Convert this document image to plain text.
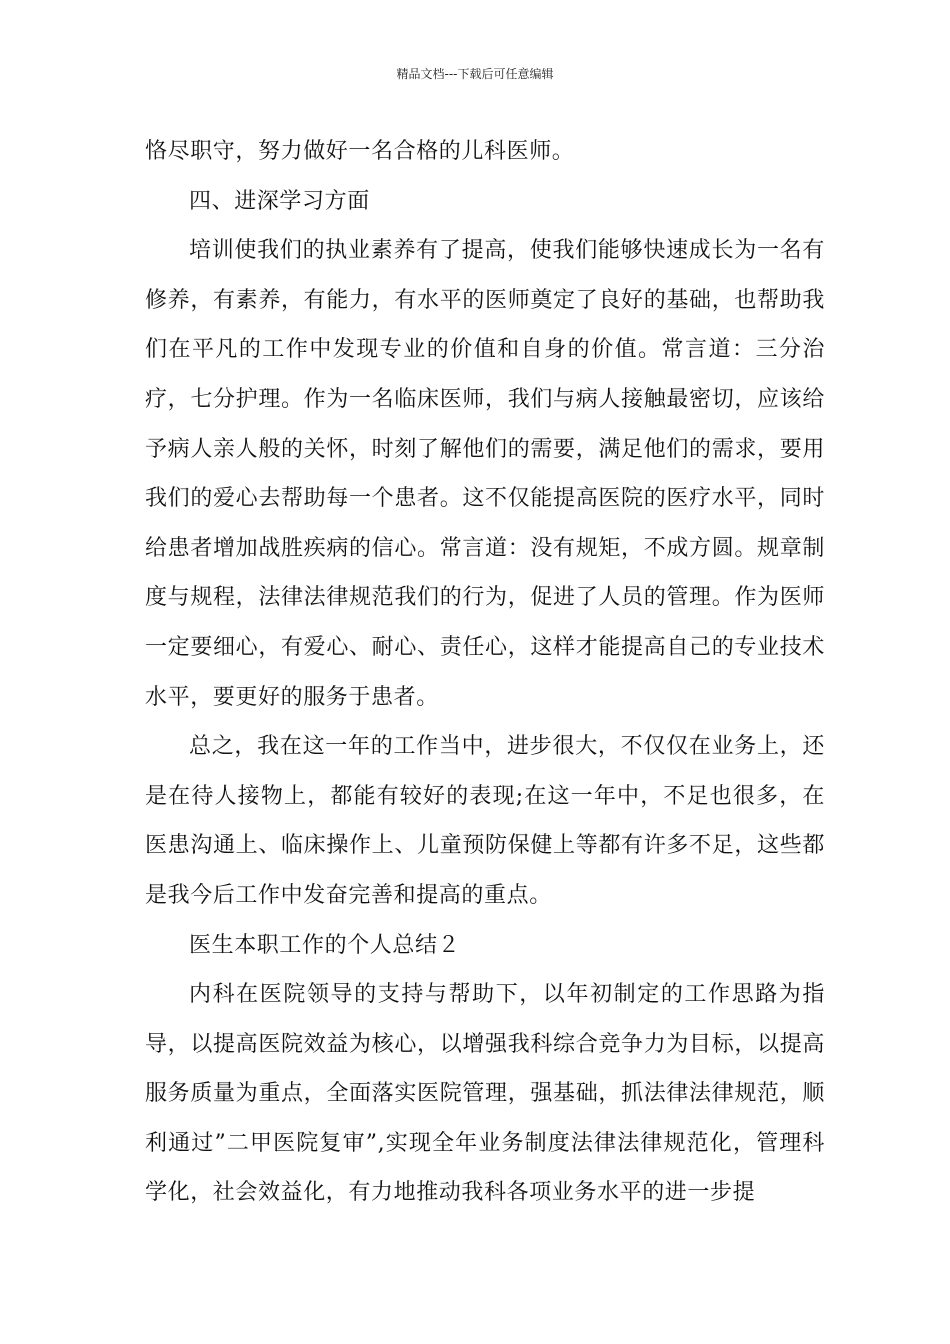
精品文档---下载后可任意编辑

恪尽职守，努力做好一名合格的儿科医师。

四、进深学习方面

培训使我们的执业素养有了提高，使我们能够快速成长为一名有修养，有素养，有能力，有水平的医师奠定了良好的基础，也帮助我们在平凡的工作中发现专业的价值和自身的价值。常言道：三分治疗，七分护理。作为一名临床医师，我们与病人接触最密切，应该给予病人亲人般的关怀，时刻了解他们的需要，满足他们的需求，要用我们的爱心去帮助每一个患者。这不仅能提高医院的医疗水平，同时给患者增加战胜疾病的信心。常言道：没有规矩，不成方圆。规章制度与规程，法律法律规范我们的行为，促进了人员的管理。作为医师一定要细心，有爱心、耐心、责任心，这样才能提高自己的专业技术水平，要更好的服务于患者。

总之，我在这一年的工作当中，进步很大，不仅仅在业务上，还是在待人接物上，都能有较好的表现;在这一年中，不足也很多，在医患沟通上、临床操作上、儿童预防保健上等都有许多不足，这些都是我今后工作中发奋完善和提高的重点。

医生本职工作的个人总结２

内科在医院领导的支持与帮助下，以年初制定的工作思路为指导，以提高医院效益为核心，以增强我科综合竞争力为目标，以提高服务质量为重点，全面落实医院管理，强基础，抓法律法律规范，顺利通过”二甲医院复审”,实现全年业务制度法律法律规范化，管理科学化，社会效益化，有力地推动我科各项业务水平的进一步提
